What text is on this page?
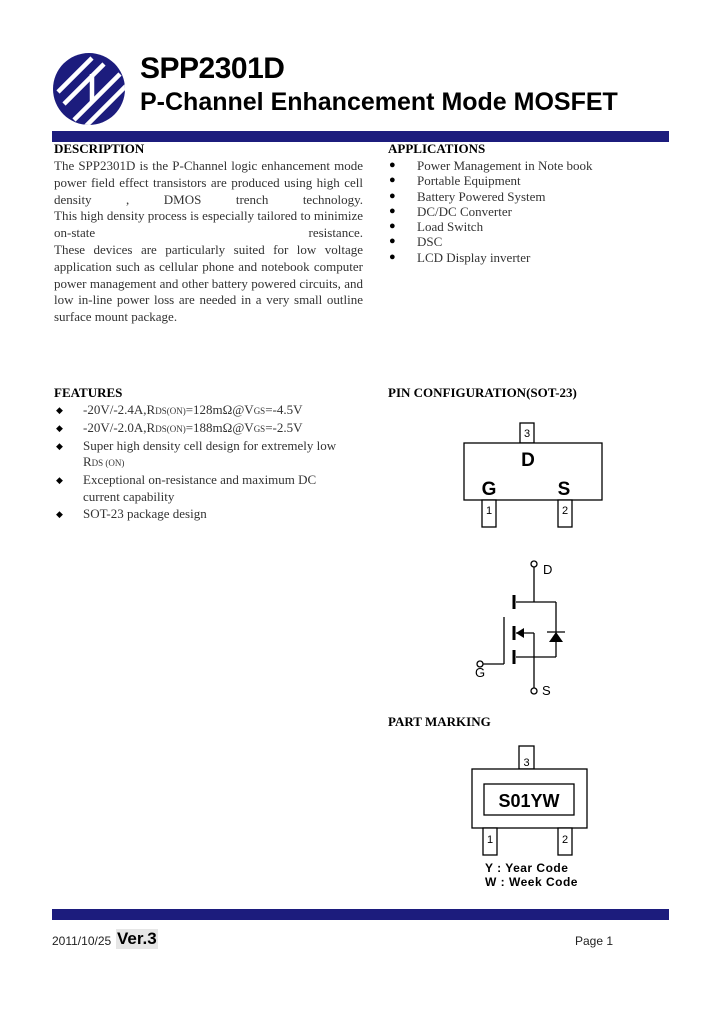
SPP2301D
P-Channel Enhancement Mode MOSFET
DESCRIPTION

The SPP2301D is the P-Channel logic enhancement mode power field effect transistors are produced using high cell density , DMOS trench technology.

This high density process is especially tailored to minimize on-state resistance.

These devices are particularly suited for low voltage application such as cellular phone and notebook computer power management and other battery powered circuits, and low in-line power loss are needed in a very small outline surface mount package.

APPLICATIONS
● Power Management in Note book
● Portable Equipment
● Battery Powered System
● DC/DC Converter
● Load Switch
● DSC
● LCD Display inverter
FEATURES
◆ -20V/-2.4A,RDS(ON)=128mΩ@VGS=-4.5V
◆ -20V/-2.0A,RDS(ON)=188mΩ@VGS=-2.5V
◆ Super high density cell design for extremely low
RDS (ON)
◆ Exceptional on-resistance and maximum DC current capability
◆ SOT-23 package design
PIN CONFIGURATION(SOT-23)
3
D
G	S
1	2
D
G
S
PART MARKING
3
S01YW
1	2
Y : Year Code
W : Week Code
2011/10/25 Ver.3	Page 1
